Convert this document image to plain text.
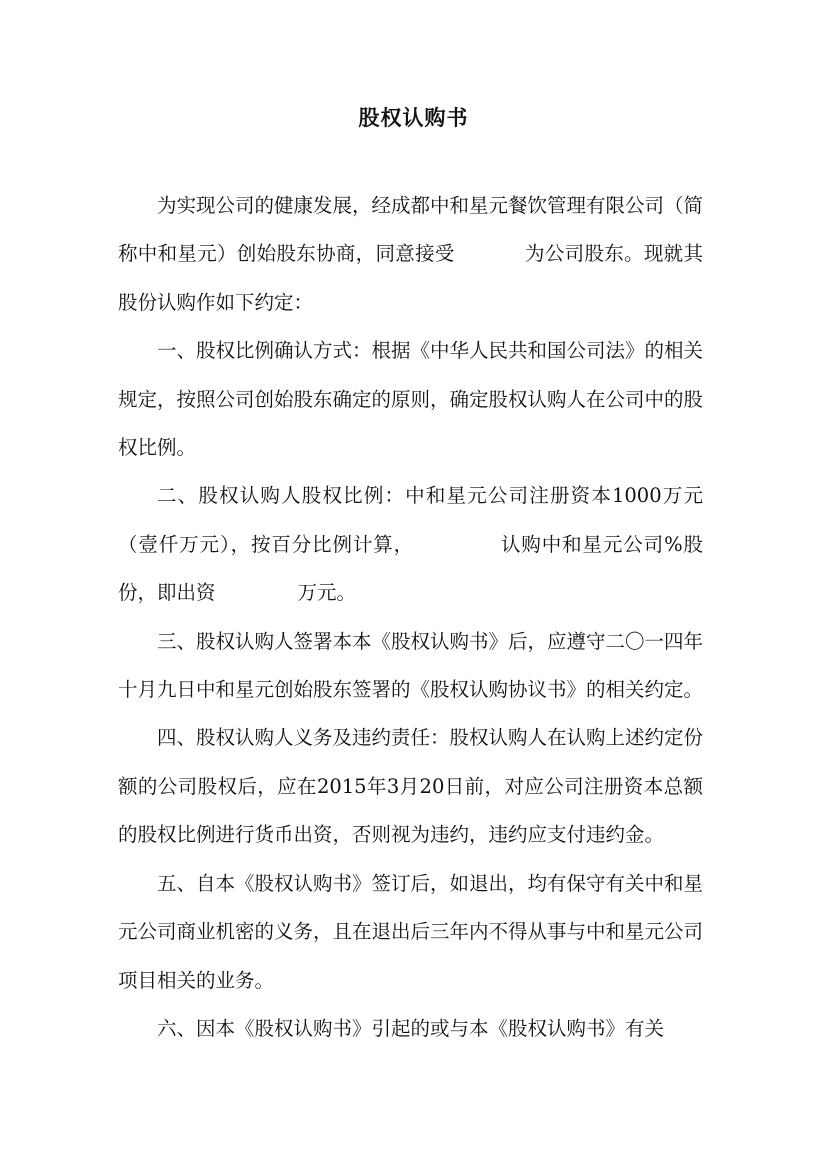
股权认购书

为实现公司的健康发展，经成都中和星元餐饮管理有限公司（简称中和星元）创始股东协商，同意接受	为公司股东。现就其股份认购作如下约定：

一、股权比例确认方式：根据《中华人民共和国公司法》的相关规定，按照公司创始股东确定的原则，确定股权认购人在公司中的股权比例。

二、股权认购人股权比例：中和星元公司注册资本1000万元（壹仟万元），按百分比例计算，	认购中和星元公司%股份，即出资	万元。

三、股权认购人签署本本《股权认购书》后，应遵守二〇一四年十月九日中和星元创始股东签署的《股权认购协议书》的相关约定。

四、股权认购人义务及违约责任：股权认购人在认购上述约定份额的公司股权后，应在2015年3月20日前，对应公司注册资本总额的股权比例进行货币出资，否则视为违约，违约应支付违约金。

五、自本《股权认购书》签订后，如退出，均有保守有关中和星元公司商业机密的义务，且在退出后三年内不得从事与中和星元公司项目相关的业务。

六、因本《股权认购书》引起的或与本《股权认购书》有关
